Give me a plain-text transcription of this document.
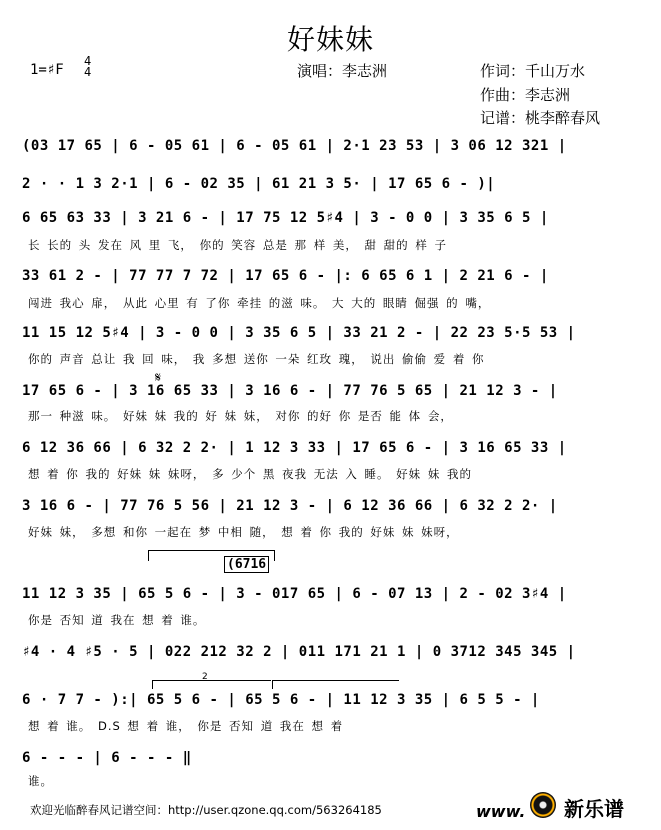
好妹妹
1=♯F
4
4	演唱：李志洲	作词：千山万水
作曲：李志洲
记谱：桃李醉春风
(03 17 65 | 6 - 05 61 | 6 - 05 61 | 2·1 23 53 | 3 06 12 321 |
2 · · 1 3 2·1 | 6 - 02 35 | 61 21 3 5· | 17 65 6 - )|
6 65 63 33 | 3 21 6 - | 17 75 12 5♯4 | 3 - 0 0 | 3 35 6 5 |
长 长的 头 发在 风 里 飞， 你的 笑容 总是 那 样 美， 甜 甜的 样 子
33 61 2 - | 77 77 7 72 | 17 65 6 - |: 6 65 6 1 | 2 21 6 - |
闯进 我心 扉， 从此 心里 有 了你 牵挂 的滋 味。 大 大的 眼睛 倔强 的 嘴，
11 15 12 5♯4 | 3 - 0 0 | 3 35 6 5 | 33 21 2 - | 22 23 5·5 53 |
你的 声音 总让 我 回 味， 我 多想 送你 一朵 红玫 瑰， 说出 偷偷 爱 着 你
𝄋
17 65 6 - | 3 16 65 33 | 3 16 6 - | 77 76 5 65 | 21 12 3 - |
那一 种滋 味。 好妹 妹 我的 好 妹 妹， 对你 的好 你 是否 能 体 会，
6 12 36 66 | 6 32 2 2· | 1 12 3 33 | 17 65 6 - | 3 16 65 33 |
想 着 你 我的 好妹 妹 妹呀， 多 少个 黑 夜我 无法 入 睡。 好妹 妹 我的
3 16 6 - | 77 76 5 56 | 21 12 3 - | 6 12 36 66 | 6 32 2 2· |
好妹 妹， 多想 和你 一起在 梦 中相 随， 想 着 你 我的 好妹 妹 妹呀，
(6716
11 12 3 35 | 65 5 6 - | 3 - 017 65 | 6 - 07 13 | 2 - 02 3♯4 |
你是 否知 道 我在 想 着 谁。
♯4 · 4 ♯5 · 5 | 022 212 32 2 | 011 171 21 1 | 0 3712 345 345 |
2
6 · 7 7 - ):| 65 5 6 - | 65 5 6 - | 11 12 3 35 | 6 5 5 - |
想 着 谁。 D.S 想 着 谁， 你是 否知 道 我在 想 着
6 - - - | 6 - - - ‖
谁。
欢迎光临醉春风记谱空间：http://user.qzone.qq.com/563264185	www. 新乐谱
